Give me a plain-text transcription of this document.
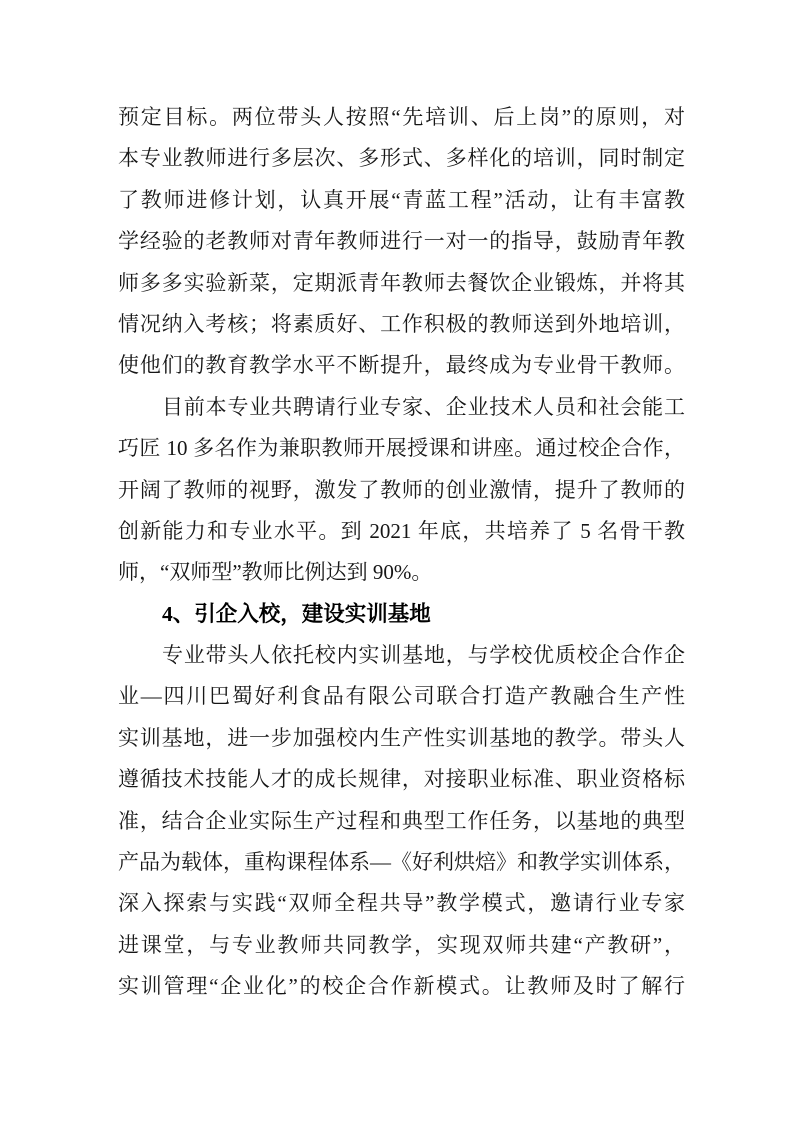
预定目标。两位带头人按照“先培训、后上岗”的原则，对
本专业教师进行多层次、多形式、多样化的培训，同时制定
了教师进修计划，认真开展“青蓝工程”活动，让有丰富教
学经验的老教师对青年教师进行一对一的指导，鼓励青年教
师多多实验新菜，定期派青年教师去餐饮企业锻炼，并将其
情况纳入考核；将素质好、工作积极的教师送到外地培训，
使他们的教育教学水平不断提升，最终成为专业骨干教师。
目前本专业共聘请行业专家、企业技术人员和社会能工
巧匠 10 多名作为兼职教师开展授课和讲座。通过校企合作，
开阔了教师的视野，激发了教师的创业激情，提升了教师的
创新能力和专业水平。到 2021 年底，共培养了 5 名骨干教
师，“双师型”教师比例达到 90%。
4、引企入校，建设实训基地
专业带头人依托校内实训基地，与学校优质校企合作企
业—四川巴蜀好利食品有限公司联合打造产教融合生产性
实训基地，进一步加强校内生产性实训基地的教学。带头人
遵循技术技能人才的成长规律，对接职业标准、职业资格标
准，结合企业实际生产过程和典型工作任务，以基地的典型
产品为载体，重构课程体系—《好利烘焙》和教学实训体系，
深入探索与实践“双师全程共导”教学模式，邀请行业专家
进课堂，与专业教师共同教学，实现双师共建“产教研”，
实训管理“企业化”的校企合作新模式。让教师及时了解行
